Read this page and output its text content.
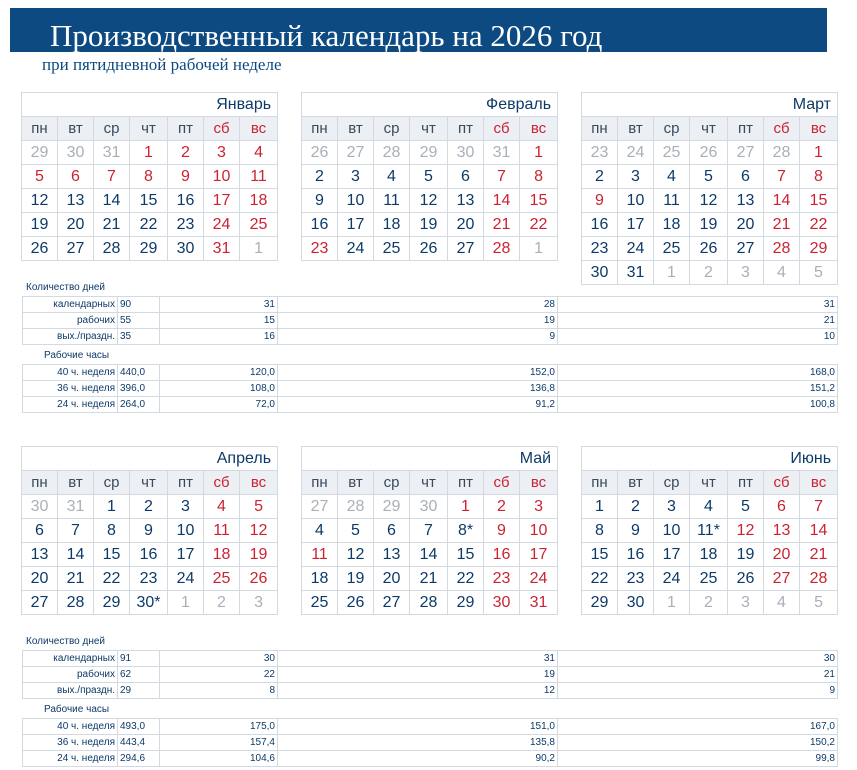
Производственный календарь на 2026 год
при пятидневной рабочей неделе
Январь						
пн	вт	ср	чт	пт	сб	вс
29	30	31	1	2	3	4
5	6	7	8	9	10	11
12	13	14	15	16	17	18
19	20	21	22	23	24	25
26	27	28	29	30	31	1
Февраль						
пн	вт	ср	чт	пт	сб	вс
26	27	28	29	30	31	1
2	3	4	5	6	7	8
9	10	11	12	13	14	15
16	17	18	19	20	21	22
23	24	25	26	27	28	1
Март						
пн	вт	ср	чт	пт	сб	вс
23	24	25	26	27	28	1
2	3	4	5	6	7	8
9	10	11	12	13	14	15
16	17	18	19	20	21	22
23	24	25	26	27	28	29
30	31	1	2	3	4	5
Количество дней
календарных	90	31	28	31
рабочих	55	15	19	21
вых./праздн.	35	16	9	10
Рабочие часы
40 ч. неделя	440,0	120,0	152,0	168,0
36 ч. неделя	396,0	108,0	136,8	151,2
24 ч. неделя	264,0	72,0	91,2	100,8
Апрель						
пн	вт	ср	чт	пт	сб	вс
30	31	1	2	3	4	5
6	7	8	9	10	11	12
13	14	15	16	17	18	19
20	21	22	23	24	25	26
27	28	29	30*	1	2	3
Май						
пн	вт	ср	чт	пт	сб	вс
27	28	29	30	1	2	3
4	5	6	7	8*	9	10
11	12	13	14	15	16	17
18	19	20	21	22	23	24
25	26	27	28	29	30	31
Июнь						
пн	вт	ср	чт	пт	сб	вс
1	2	3	4	5	6	7
8	9	10	11*	12	13	14
15	16	17	18	19	20	21
22	23	24	25	26	27	28
29	30	1	2	3	4	5
Количество дней
календарных	91	30	31	30
рабочих	62	22	19	21
вых./праздн.	29	8	12	9
Рабочие часы
40 ч. неделя	493,0	175,0	151,0	167,0
36 ч. неделя	443,4	157,4	135,8	150,2
24 ч. неделя	294,6	104,6	90,2	99,8
